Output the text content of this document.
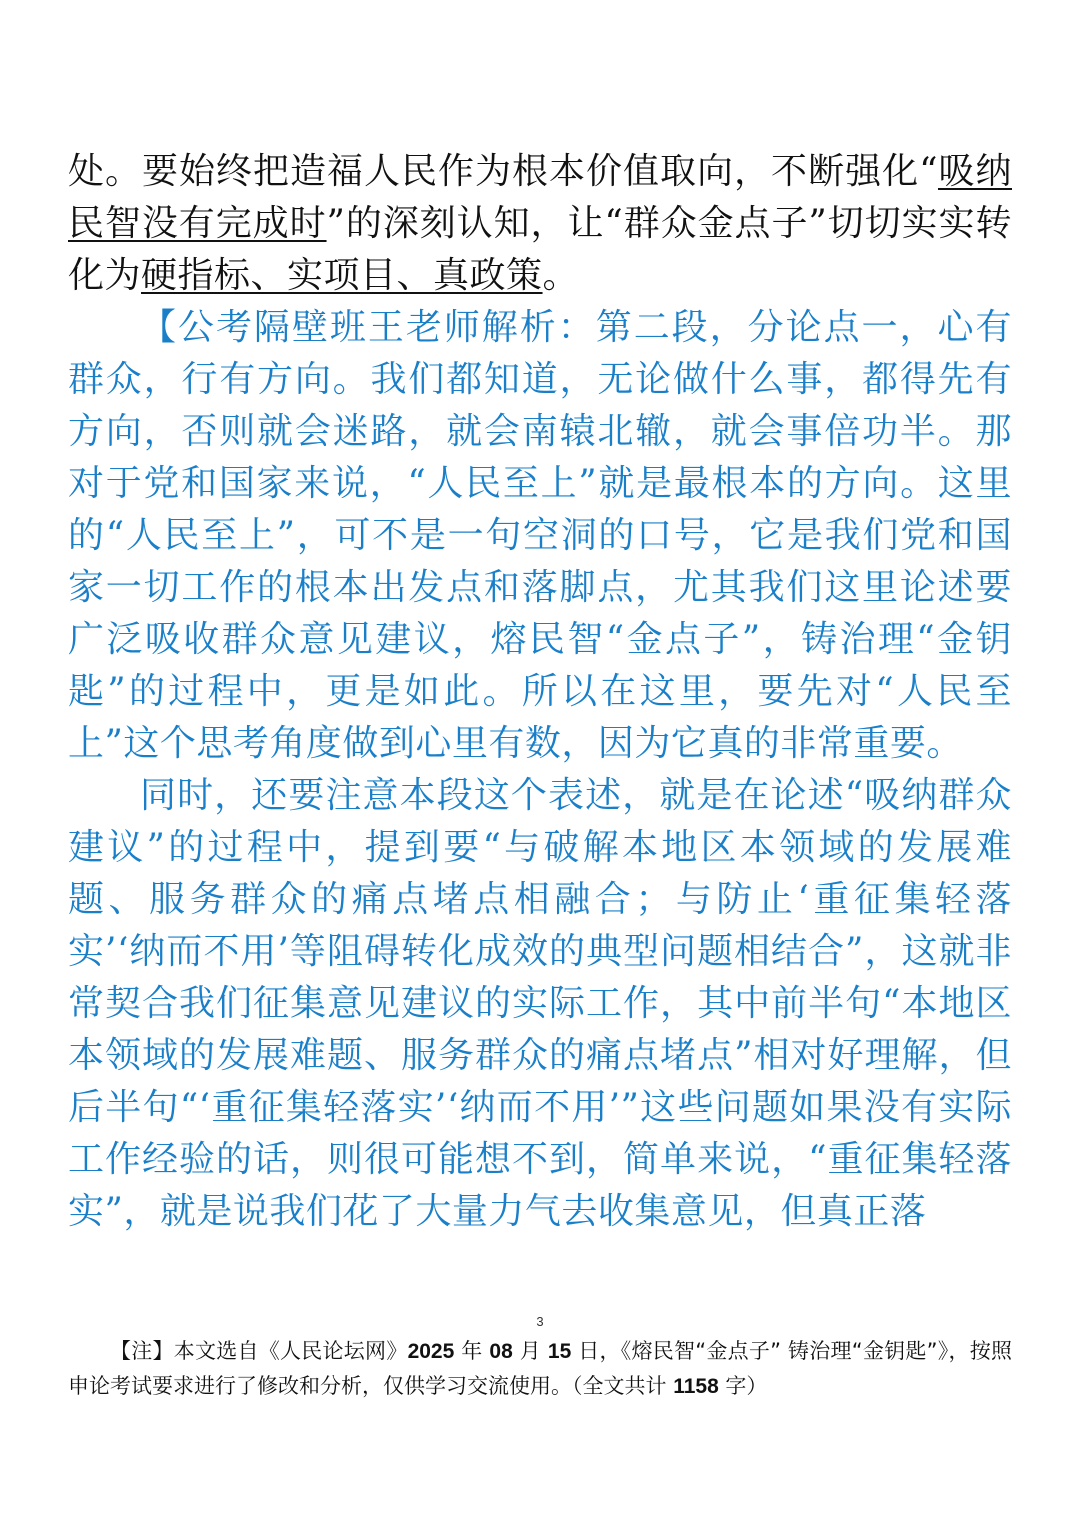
处。要始终把造福人民作为根本价值取向，不断强化“吸纳民智没有完成时”的深刻认知，让“群众金点子”切切实实转化为硬指标、实项目、真政策。

【公考隔壁班王老师解析：第二段，分论点一，心有群众，行有方向。我们都知道，无论做什么事，都得先有方向，否则就会迷路，就会南辕北辙，就会事倍功半。那对于党和国家来说，“人民至上”就是最根本的方向。这里的“人民至上”，可不是一句空洞的口号，它是我们党和国家一切工作的根本出发点和落脚点，尤其我们这里论述要广泛吸收群众意见建议，熔民智“金点子”，铸治理“金钥匙”的过程中，更是如此。所以在这里，要先对“人民至上”这个思考角度做到心里有数，因为它真的非常重要。

同时，还要注意本段这个表述，就是在论述“吸纳群众建议”的过程中，提到要“与破解本地区本领域的发展难题、服务群众的痛点堵点相融合；与防止‘重征集轻落实’‘纳而不用’等阻碍转化成效的典型问题相结合”，这就非常契合我们征集意见建议的实际工作，其中前半句“本地区本领域的发展难题、服务群众的痛点堵点”相对好理解，但后半句“‘重征集轻落实’‘纳而不用’”这些问题如果没有实际工作经验的话，则很可能想不到，简单来说，“重征集轻落实”，就是说我们花了大量力气去收集意见，但真正落

3

【注】本文选自《人民论坛网》2025 年 08 月 15 日，《熔民智“金点子” 铸治理“金钥匙”》，按照申论考试要求进行了修改和分析，仅供学习交流使用。（全文共计 1158 字）
